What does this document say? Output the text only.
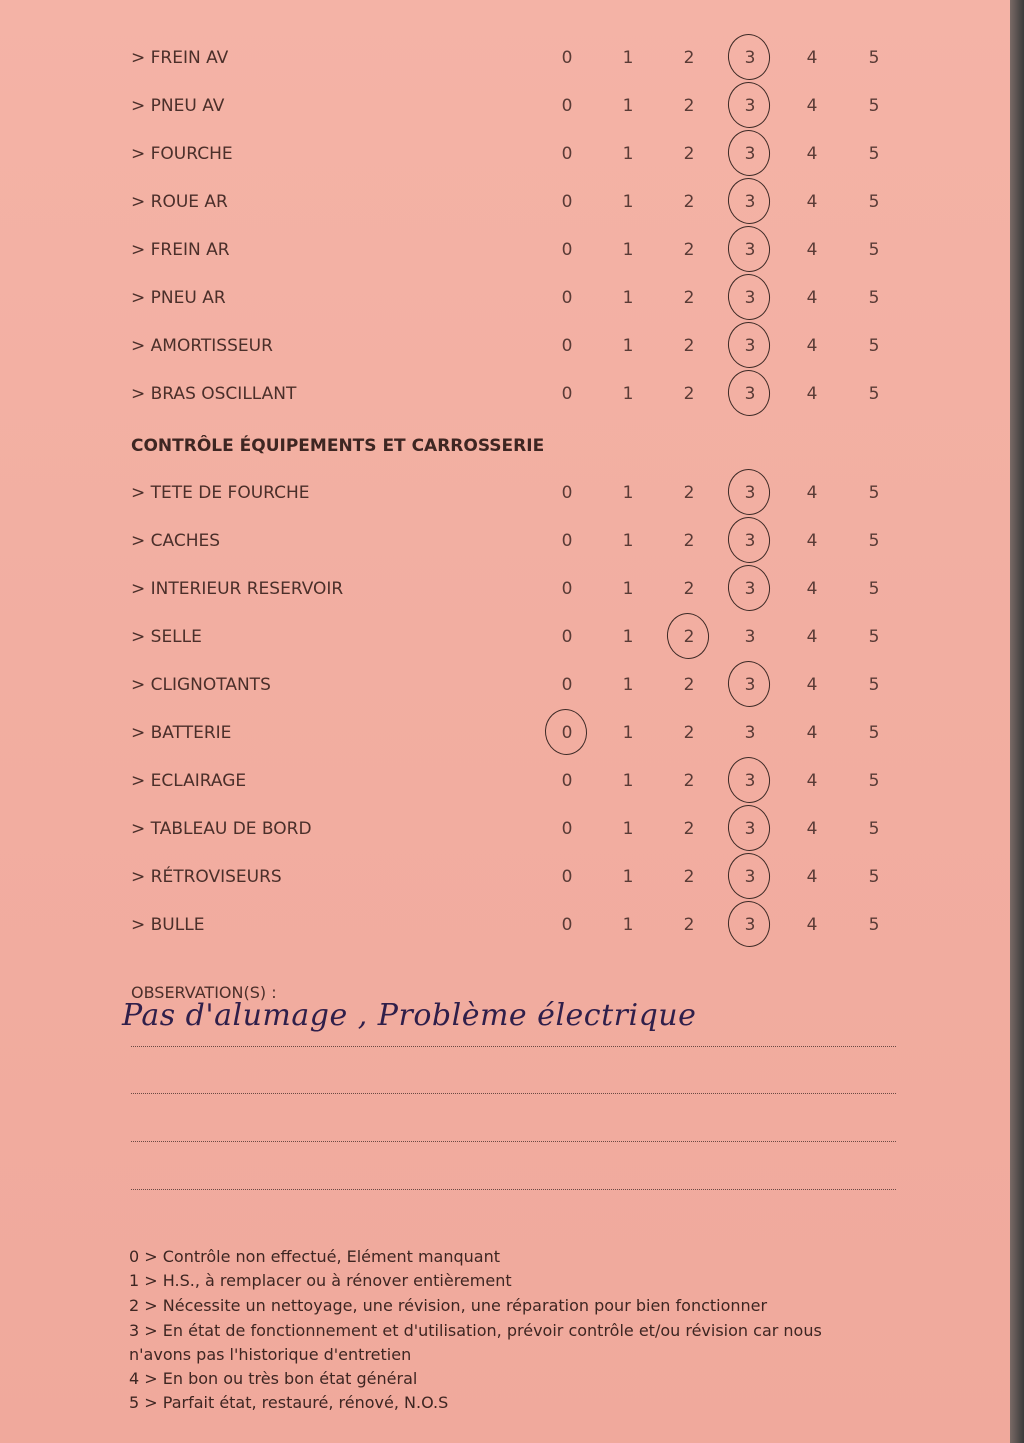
> FREIN AV	0	1	2	3	4	5
> PNEU AV	0	1	2	3	4	5
> FOURCHE	0	1	2	3	4	5
> ROUE AR	0	1	2	3	4	5
> FREIN AR	0	1	2	3	4	5
> PNEU AR	0	1	2	3	4	5
> AMORTISSEUR	0	1	2	3	4	5
> BRAS OSCILLANT	0	1	2	3	4	5
CONTRÔLE ÉQUIPEMENTS ET CARROSSERIE
> TETE DE FOURCHE	0	1	2	3	4	5
> CACHES	0	1	2	3	4	5
> INTERIEUR RESERVOIR	0	1	2	3	4	5
> SELLE	0	1	2	3	4	5
> CLIGNOTANTS	0	1	2	3	4	5
> BATTERIE	0	1	2	3	4	5
> ECLAIRAGE	0	1	2	3	4	5
> TABLEAU DE BORD	0	1	2	3	4	5
> RÉTROVISEURS	0	1	2	3	4	5
> BULLE	0	1	2	3	4	5
OBSERVATION(S) :
Pas d'alumage , Problème électrique
0 > Contrôle non effectué, Elément manquant
1 > H.S., à remplacer ou à rénover entièrement
2 > Nécessite un nettoyage, une révision, une réparation pour bien fonctionner
3 > En état de fonctionnement et d'utilisation, prévoir contrôle et/ou révision car nous
n'avons pas l'historique d'entretien
4 > En bon ou très bon état général
5 > Parfait état, restauré, rénové, N.O.S
